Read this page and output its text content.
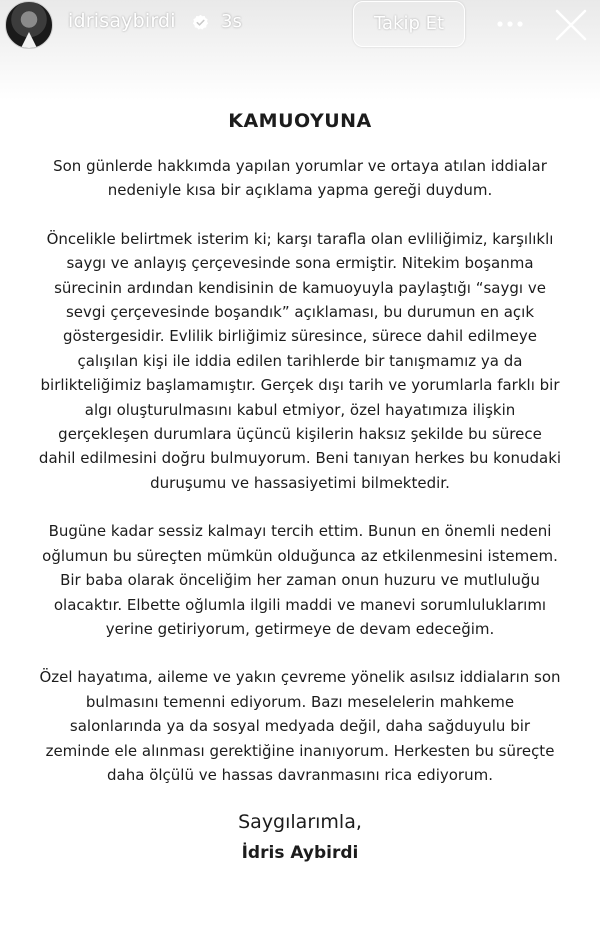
idrisaybirdi	3s	Takip Et
KAMUOYUNA

Son günlerde hakkımda yapılan yorumlar ve ortaya atılan iddialar nedeniyle kısa bir açıklama yapma gereği duydum.

Öncelikle belirtmek isterim ki; karşı tarafla olan evliliğimiz, karşılıklı saygı ve anlayış çerçevesinde sona ermiştir. Nitekim boşanma sürecinin ardından kendisinin de kamuoyuyla paylaştığı “saygı ve sevgi çerçevesinde boşandık” açıklaması, bu durumun en açık göstergesidir. Evlilik birliğimiz süresince, sürece dahil edilmeye çalışılan kişi ile iddia edilen tarihlerde bir tanışmamız ya da birlikteliğimiz başlamamıştır. Gerçek dışı tarih ve yorumlarla farklı bir algı oluşturulmasını kabul etmiyor, özel hayatımıza ilişkin gerçekleşen durumlara üçüncü kişilerin haksız şekilde bu sürece dahil edilmesini doğru bulmuyorum. Beni tanıyan herkes bu konudaki duruşumu ve hassasiyetimi bilmektedir.

Bugüne kadar sessiz kalmayı tercih ettim. Bunun en önemli nedeni oğlumun bu süreçten mümkün olduğunca az etkilenmesini istemem. Bir baba olarak önceliğim her zaman onun huzuru ve mutluluğu olacaktır. Elbette oğlumla ilgili maddi ve manevi sorumluluklarımı yerine getiriyorum, getirmeye de devam edeceğim.

Özel hayatıma, aileme ve yakın çevreme yönelik asılsız iddiaların son bulmasını temenni ediyorum. Bazı meselelerin mahkeme salonlarında ya da sosyal medyada değil, daha sağduyulu bir zeminde ele alınması gerektiğine inanıyorum. Herkesten bu süreçte daha ölçülü ve hassas davranmasını rica ediyorum.

Saygılarımla,
İdris Aybirdi
